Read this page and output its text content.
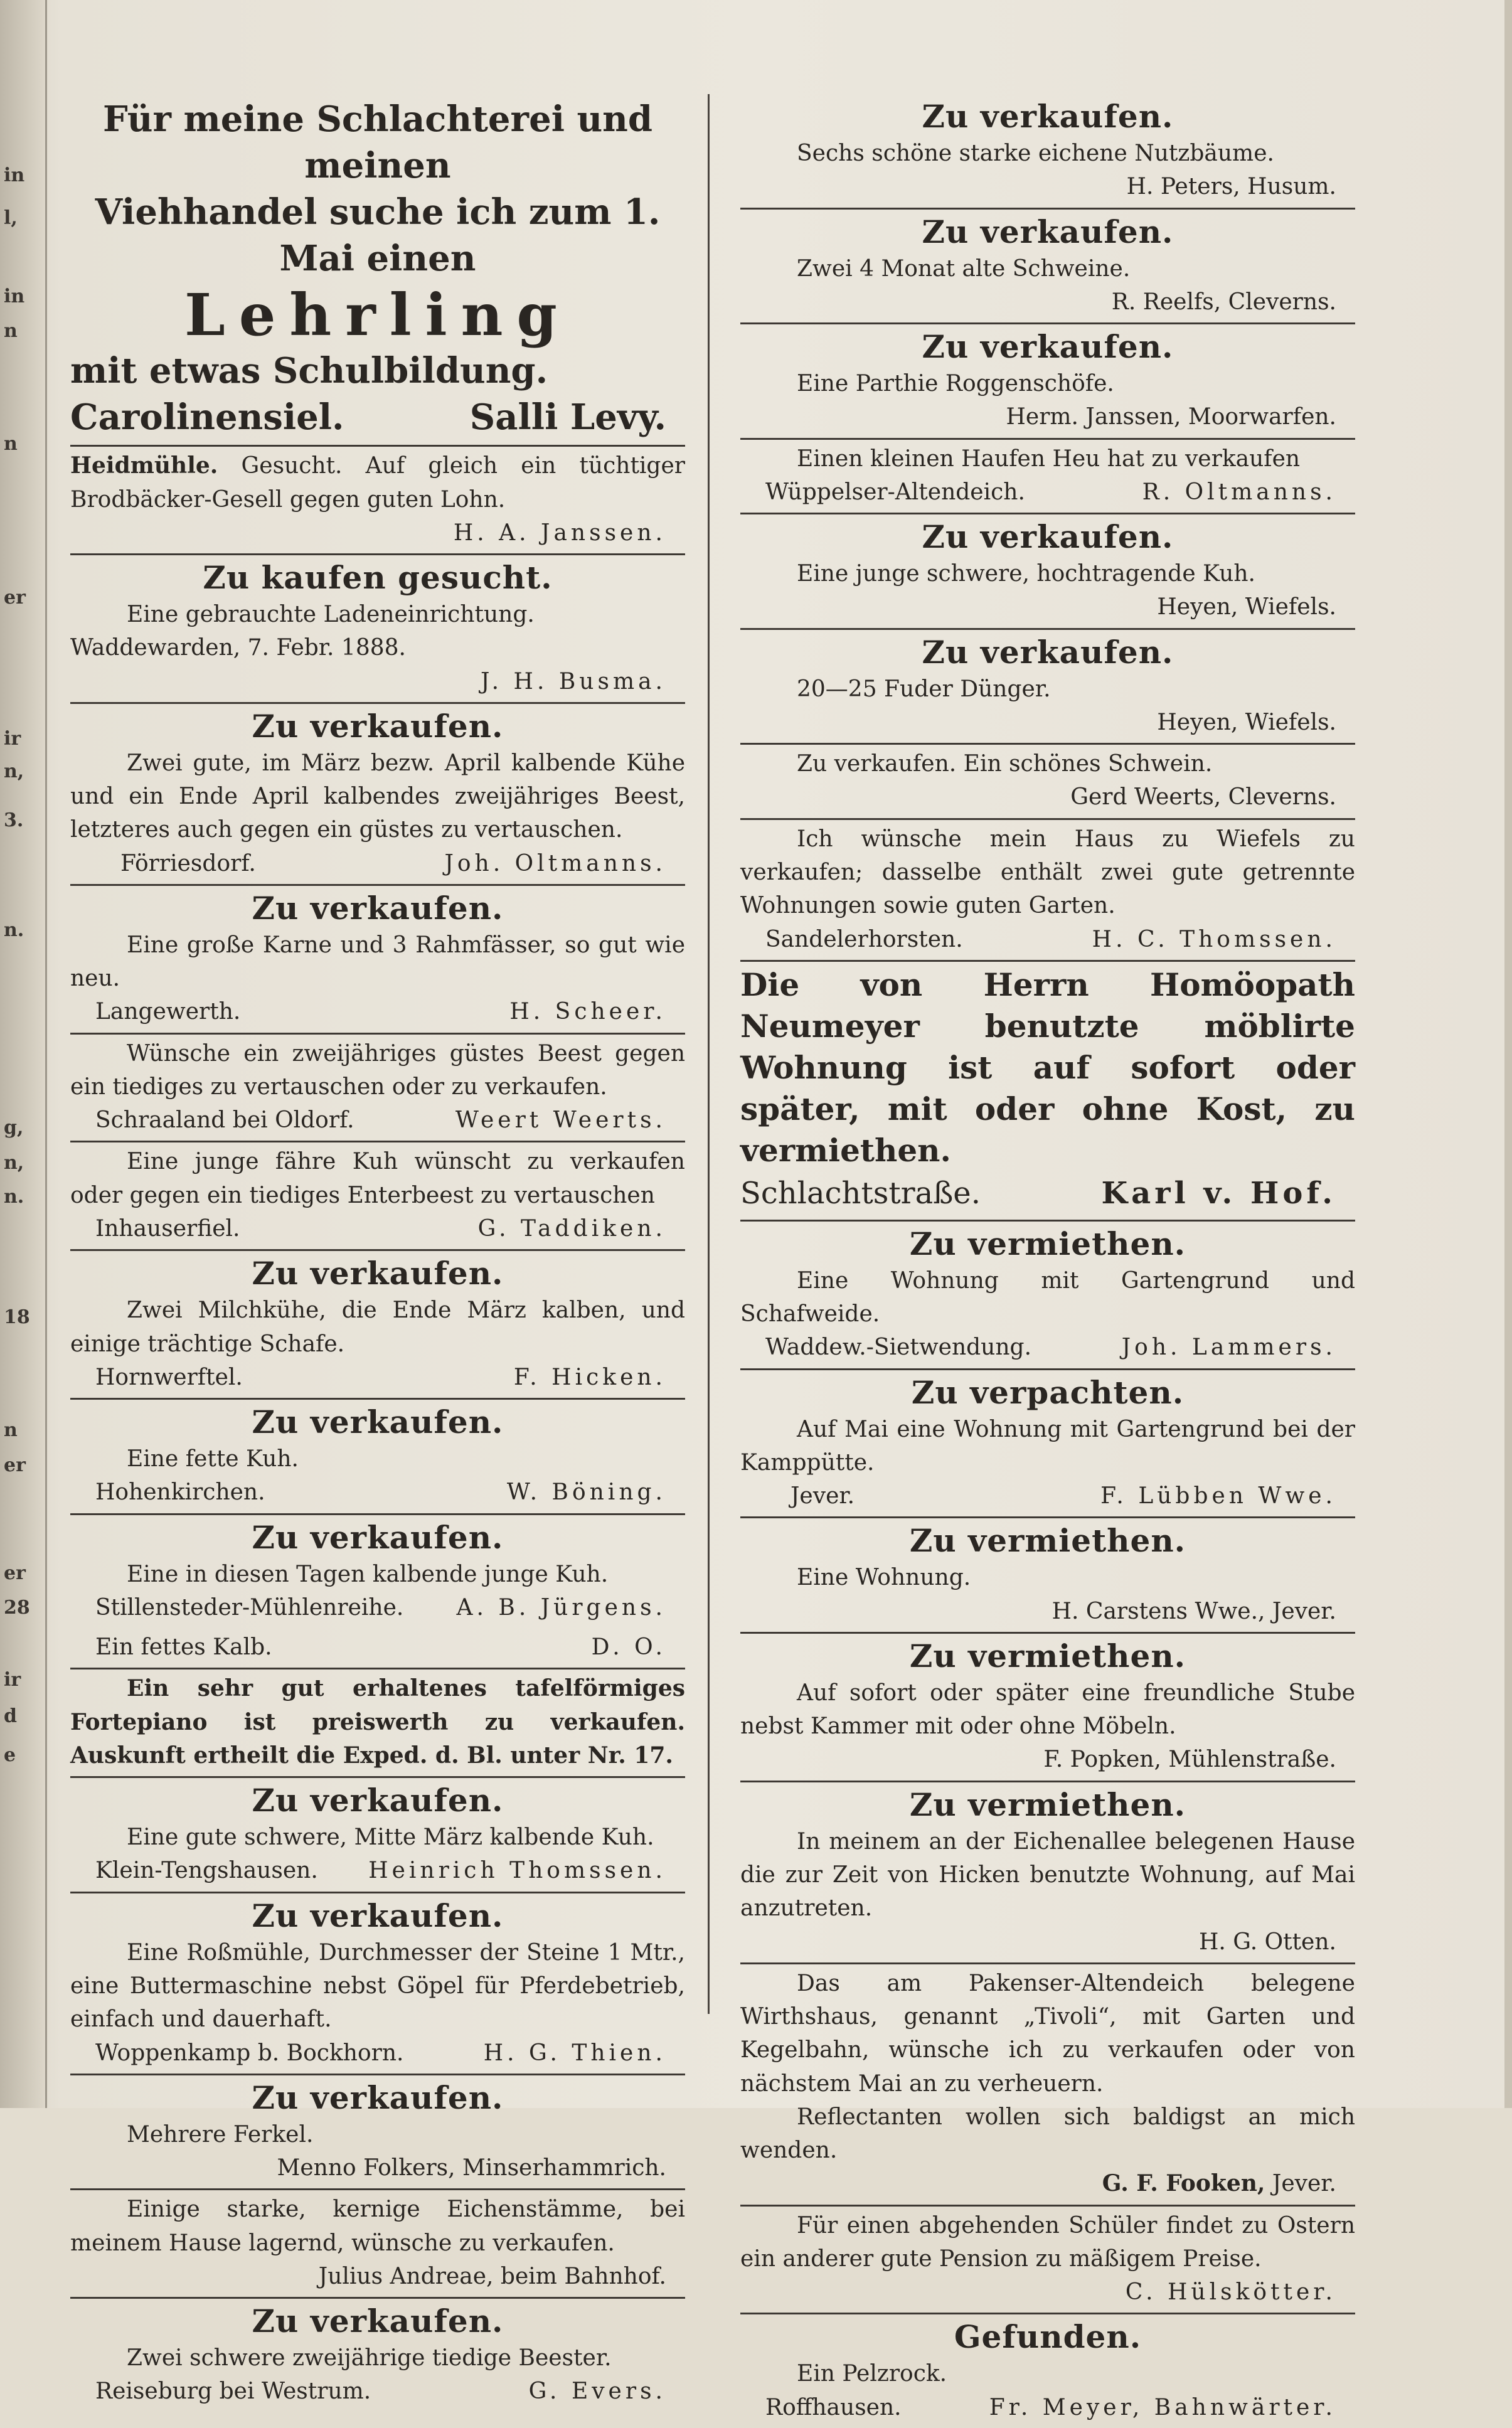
in
l,
in
n
n
er
ir
n,
3.
n.
g,
n,
n.
18
n
er
er
28
ir
d
e

Für meine Schlachterei und meinen

Viehhandel suche ich zum 1. Mai einen

Lehrling

mit etwas Schulbildung.

Carolinensiel.	Salli Levy.

Heidmühle. Gesucht. Auf gleich ein tüchtiger Brodbäcker-Gesell gegen guten Lohn.

H. A. Janssen.

Zu kaufen gesucht.

Eine gebrauchte Ladeneinrichtung.

Waddewarden, 7. Febr. 1888.

J. H. Busma.

Zu verkaufen.

Zwei gute, im März bezw. April kalbende Kühe und ein Ende April kalbendes zweijähriges Beest, letzteres auch gegen ein güstes zu vertauschen.

Förriesdorf.	Joh. Oltmanns.

Zu verkaufen.

Eine große Karne und 3 Rahmfässer, so gut wie neu.

Langewerth.	H. Scheer.

Wünsche ein zweijähriges güstes Beest gegen ein tiediges zu vertauschen oder zu verkaufen.

Schraaland bei Oldorf.	Weert Weerts.

Eine junge fähre Kuh wünscht zu verkaufen oder gegen ein tiediges Enterbeest zu vertauschen

Inhauserfiel.	G. Taddiken.

Zu verkaufen.

Zwei Milchkühe, die Ende März kalben, und einige trächtige Schafe.

Hornwerftel.	F. Hicken.

Zu verkaufen.

Eine fette Kuh.

Hohenkirchen.	W. Böning.

Zu verkaufen.

Eine in diesen Tagen kalbende junge Kuh.

Stillensteder-Mühlenreihe. A. B. Jürgens.
Ein fettes Kalb.	D. O.

Ein sehr gut erhaltenes tafelförmiges Fortepiano ist preiswerth zu verkaufen. Auskunft ertheilt die Exped. d. Bl. unter Nr. 17.

Zu verkaufen.

Eine gute schwere, Mitte März kalbende Kuh.

Klein-Tengshausen. Heinrich Thomssen.

Zu verkaufen.

Eine Roßmühle, Durchmesser der Steine 1 Mtr., eine Buttermaschine nebst Göpel für Pferdebetrieb, einfach und dauerhaft.

Woppenkamp b. Bockhorn.	H. G. Thien.

Zu verkaufen.

Mehrere Ferkel.

Menno Folkers, Minserhammrich.

Einige starke, kernige Eichenstämme, bei meinem Hause lagernd, wünsche zu verkaufen.

Julius Andreae, beim Bahnhof.

Zu verkaufen.

Zwei schwere zweijährige tiedige Beester.

Reiseburg bei Westrum.	G. Evers.

Zu verkaufen.

Sechs schöne starke eichene Nutzbäume.

H. Peters, Husum.

Zu verkaufen.

Zwei 4 Monat alte Schweine.

R. Reelfs, Cleverns.

Zu verkaufen.

Eine Parthie Roggenschöfe.

Herm. Janssen, Moorwarfen.

Einen kleinen Haufen Heu hat zu verkaufen

Wüppelser-Altendeich.	R. Oltmanns.

Zu verkaufen.

Eine junge schwere, hochtragende Kuh.

Heyen, Wiefels.

Zu verkaufen.

20—25 Fuder Dünger.

Heyen, Wiefels.

Zu verkaufen. Ein schönes Schwein.

Gerd Weerts, Cleverns.

Ich wünsche mein Haus zu Wiefels zu verkaufen; dasselbe enthält zwei gute getrennte Wohnungen sowie guten Garten.

Sandelerhorsten.	H. C. Thomssen.

Die von Herrn Homöopath Neumeyer benutzte möblirte Wohnung ist auf sofort oder später, mit oder ohne Kost, zu vermiethen.

Schlachtstraße.	Karl v. Hof.

Zu vermiethen.

Eine Wohnung mit Gartengrund und Schafweide.

Waddew.-Sietwendung.	Joh. Lammers.

Zu verpachten.

Auf Mai eine Wohnung mit Gartengrund bei der Kamppütte.

Jever.	F. Lübben Wwe.

Zu vermiethen.

Eine Wohnung.

H. Carstens Wwe., Jever.

Zu vermiethen.

Auf sofort oder später eine freundliche Stube nebst Kammer mit oder ohne Möbeln.

F. Popken, Mühlenstraße.

Zu vermiethen.

In meinem an der Eichenallee belegenen Hause die zur Zeit von Hicken benutzte Wohnung, auf Mai anzutreten.

H. G. Otten.

Das am Pakenser-Altendeich belegene Wirthshaus, genannt „Tivoli“, mit Garten und Kegelbahn, wünsche ich zu verkaufen oder von nächstem Mai an zu verheuern.

Reflectanten wollen sich baldigst an mich wenden.

G. F. Fooken, Jever.

Für einen abgehenden Schüler findet zu Ostern ein anderer gute Pension zu mäßigem Preise.

C. Hülskötter.

Gefunden.

Ein Pelzrock.

Roffhausen.	Fr. Meyer, Bahnwärter.
